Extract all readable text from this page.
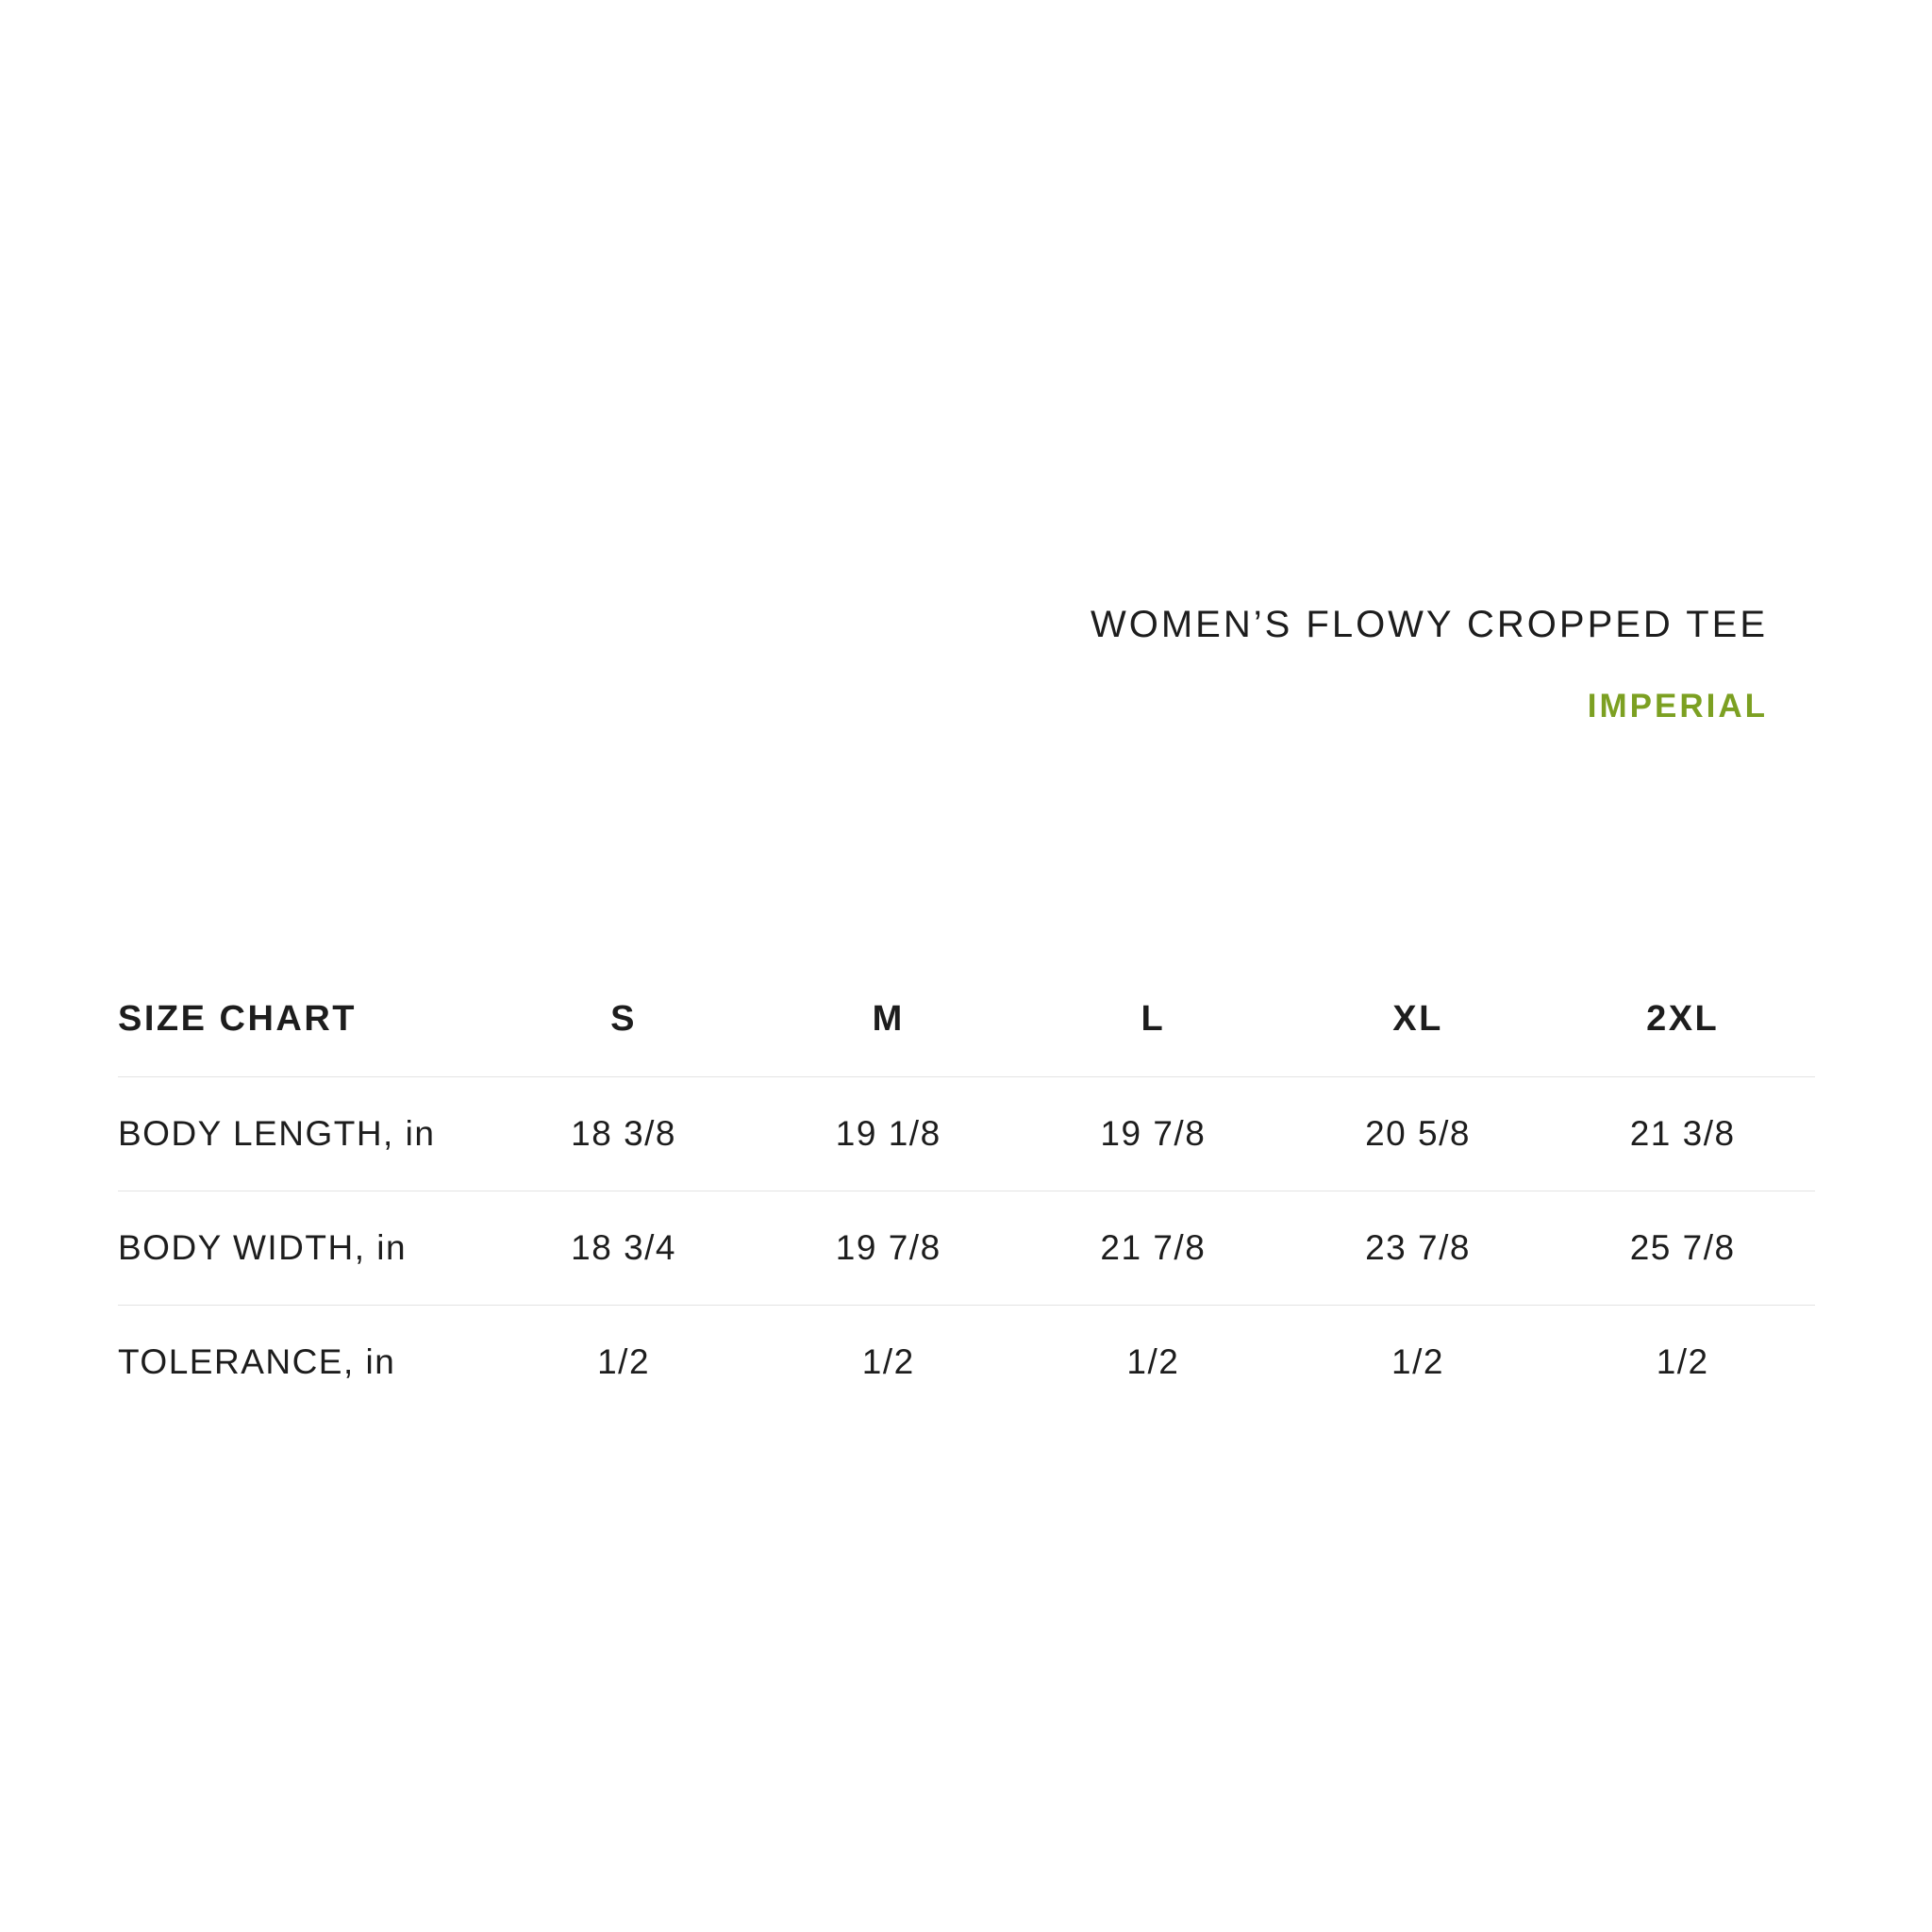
WOMEN’S FLOWY CROPPED TEE
IMPERIAL
SIZE CHART	S	M	L	XL	2XL
BODY LENGTH, in	18 3/8	19 1/8	19 7/8	20 5/8	21 3/8
BODY WIDTH, in	18 3/4	19 7/8	21 7/8	23 7/8	25 7/8
TOLERANCE, in	1/2	1/2	1/2	1/2	1/2
